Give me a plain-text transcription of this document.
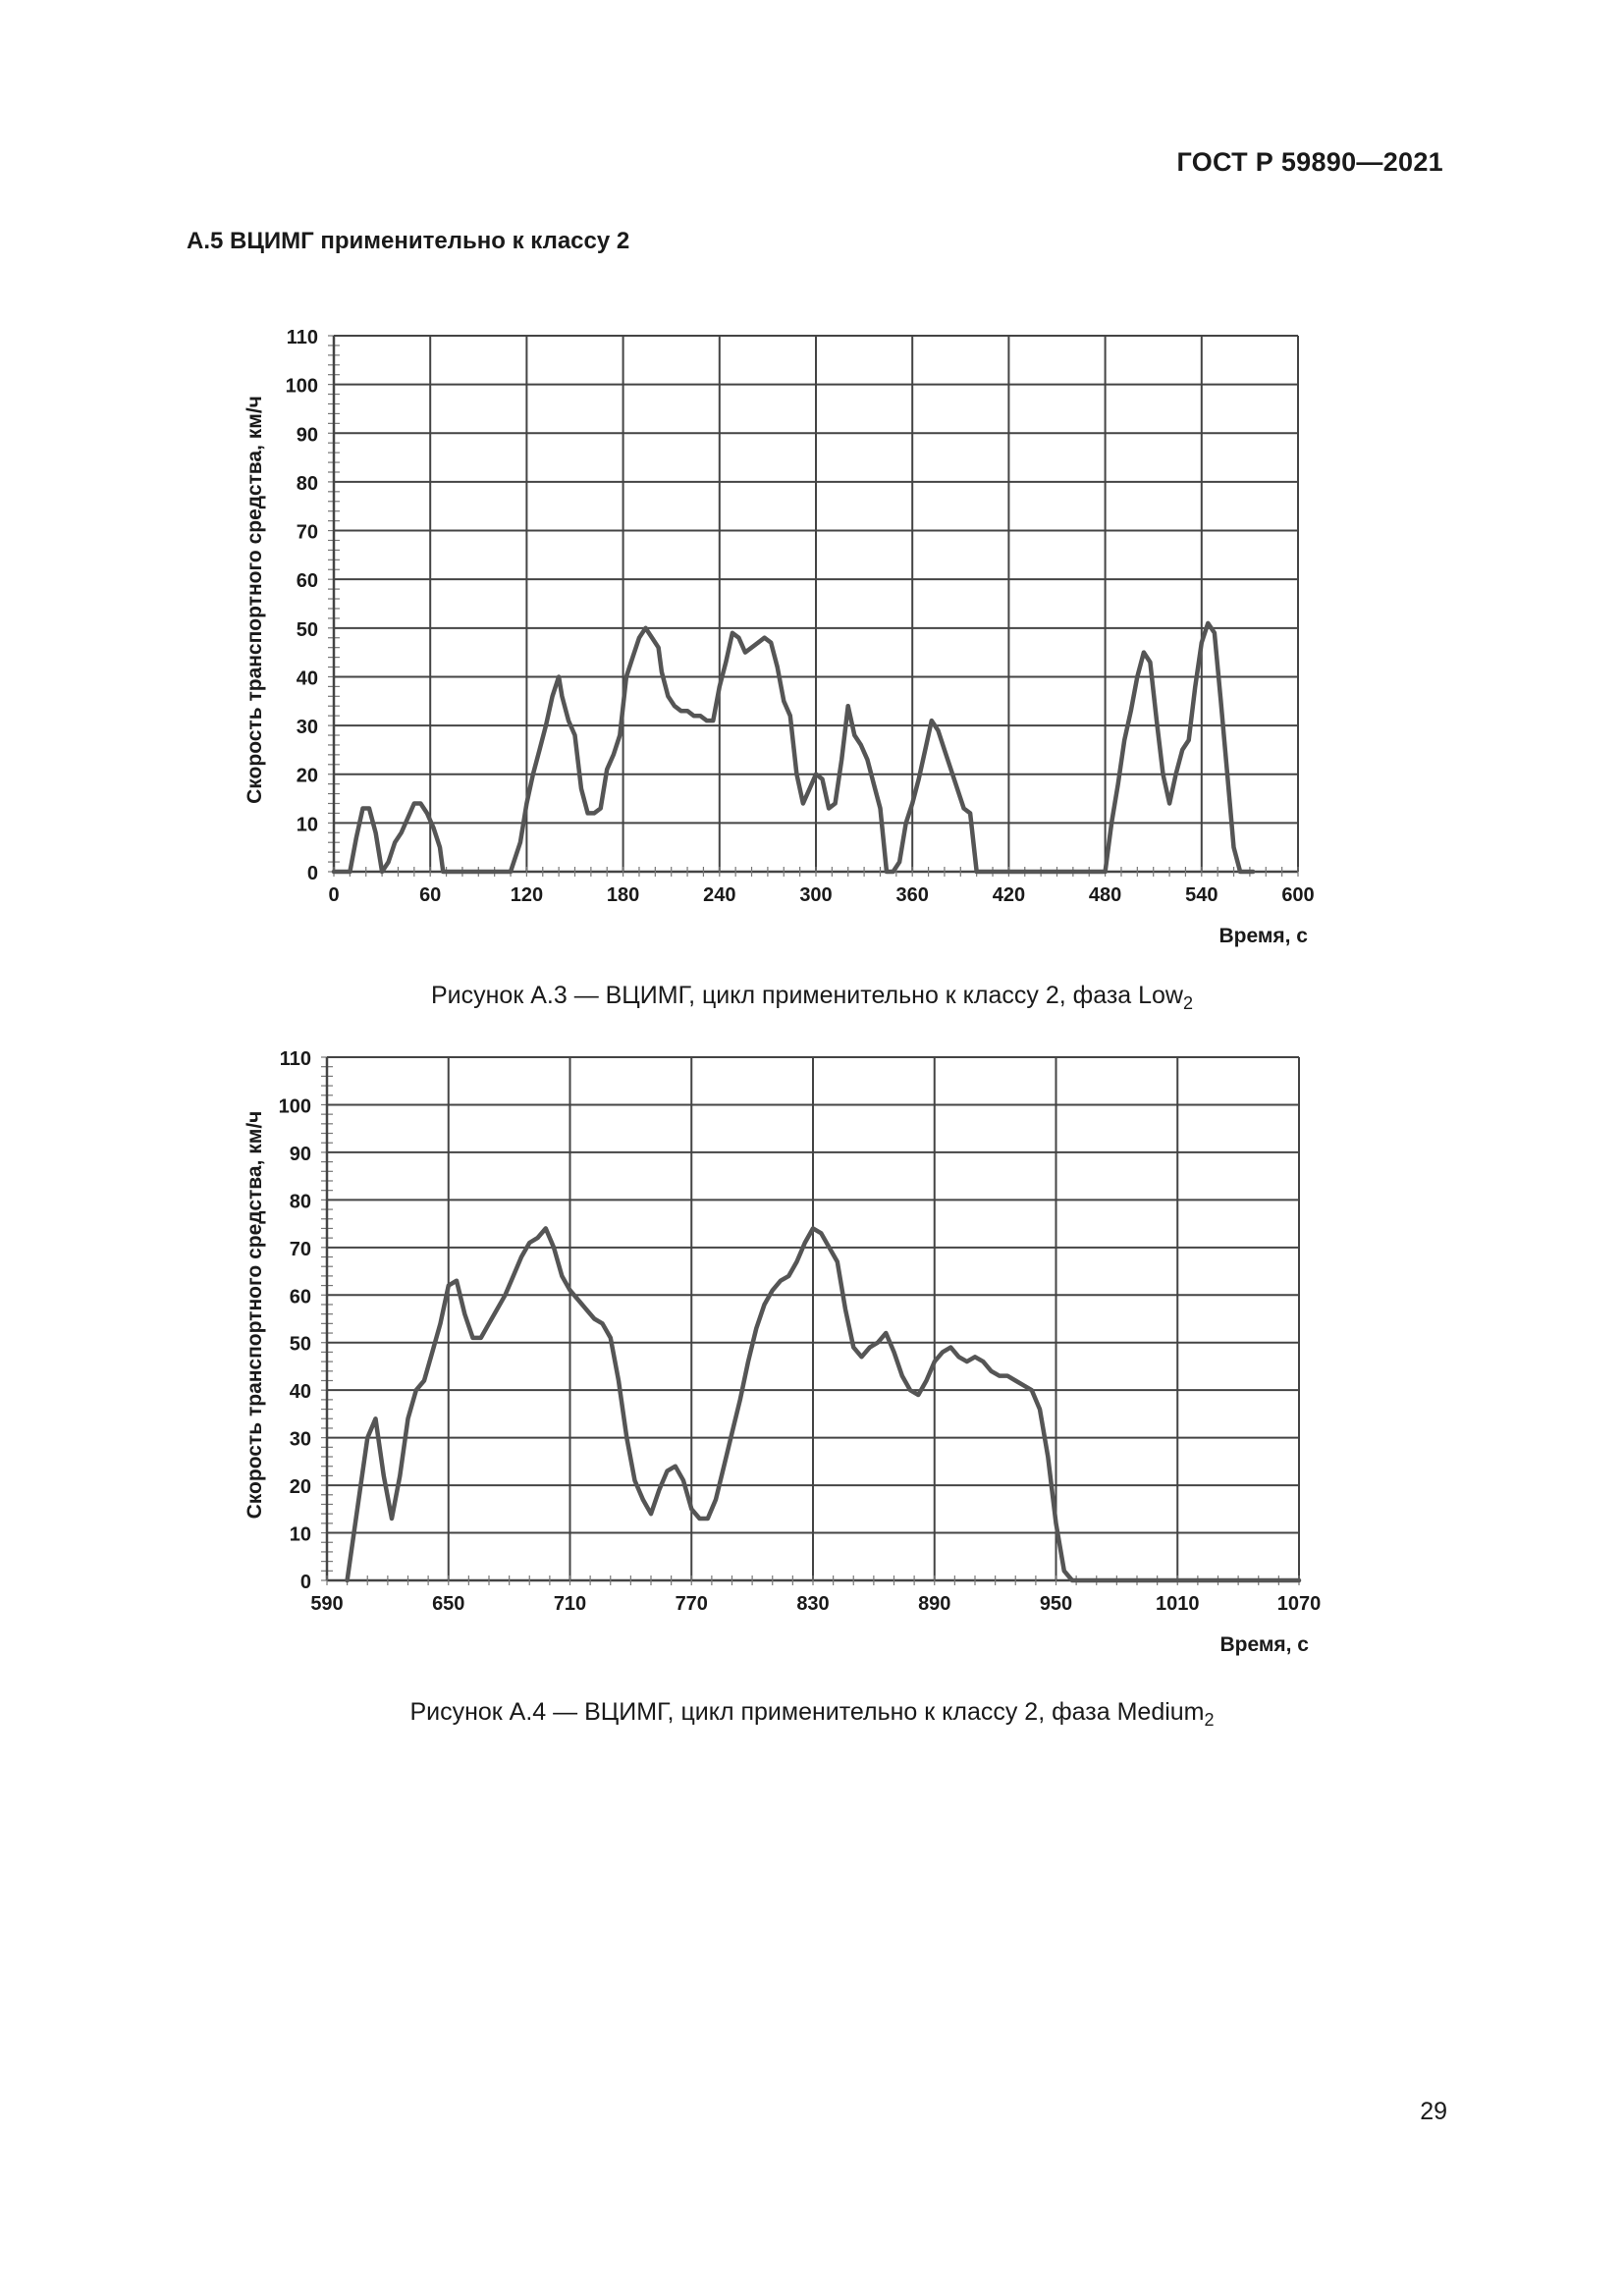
ГОСТ Р 59890—2021
А.5 ВЦИМГ применительно к классу 2
0
10
20
30
40
50
60
70
80
90
100
110
0	60	120	180	240	300	360	420	480	540	600
Скорость транспортного средства, км/ч
Время, с
Рисунок А.3 — ВЦИМГ, цикл применительно к классу 2, фаза Low$_2$
0
10
20
30
40
50
60
70
80
90
100
110
590	650	710	770	830	890	950	1010	1070
Скорость транспортного средства, км/ч
Время, с
Рисунок А.4 — ВЦИМГ, цикл применительно к классу 2, фаза Medium$_2$
29
